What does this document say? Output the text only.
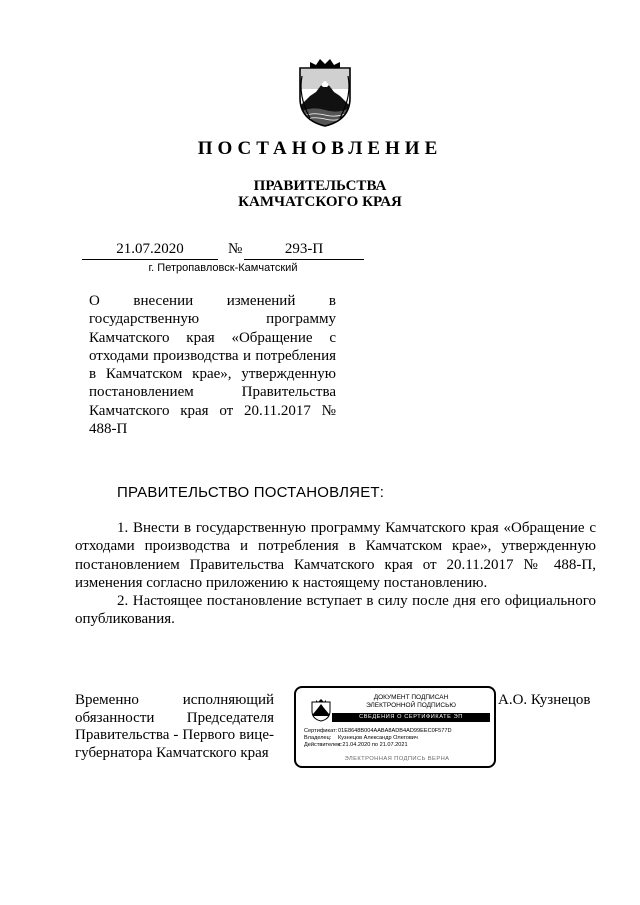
ПОСТАНОВЛЕНИЕ
ПРАВИТЕЛЬСТВА
КАМЧАТСКОГО КРАЯ
21.07.2020	№	293-П
г. Петропавловск-Камчатский
О внесении изменений в
государственную программу
Камчатского края «Обращение с
отходами производства и потребления
в Камчатском крае», утвержденную
постановлением Правительства
Камчатского края от 20.11.2017 №
488-П
ПРАВИТЕЛЬСТВО ПОСТАНОВЛЯЕТ:

1. Внести в государственную программу Камчатского края «Обращение с отходами производства и потребления в Камчатском крае», утвержденную постановлением Правительства Камчатского края от 20.11.2017 № 488-П, изменения согласно приложению к настоящему постановлению.

2. Настоящее постановление вступает в силу после дня его официального опубликования.

Временно исполняющий
обязанности Председателя
Правительства - Первого вице-
губернатора Камчатского края
ДОКУМЕНТ ПОДПИСАН
ЭЛЕКТРОННОЙ ПОДПИСЬЮ
СВЕДЕНИЯ О СЕРТИФИКАТЕ ЭП
Сертификат: 01E8648B004AABA8ADB4AD99EEC0F577D
Владелец:	Кузнецов Александр Олегович
Действителен:
с 21.04.2020 по 21.07.2021
ЭЛЕКТРОННАЯ ПОДПИСЬ ВЕРНА
А.О. Кузнецов
